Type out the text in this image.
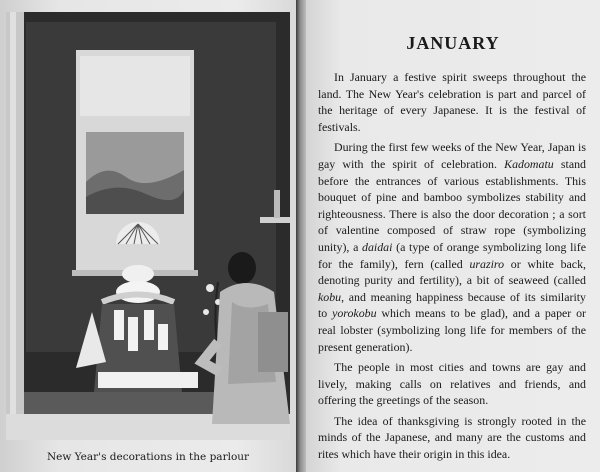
New Year's decorations in the parlour
JANUARY

In January a festive spirit sweeps throughout the land. The New Year's celebration is part and parcel of the heritage of every Japanese. It is the festival of festivals.

During the first few weeks of the New Year, Japan is gay with the spirit of celebration. Kadomatu stand before the entrances of various establishments. This bouquet of pine and bamboo symbolizes stability and righteousness. There is also the door decoration ; a sort of valentine composed of straw rope (symbolizing unity), a daidai (a type of orange symbolizing long life for the family), fern (called uraziro or white back, denoting purity and fertility), a bit of seaweed (called kobu, and meaning happiness because of its similarity to yorokobu which means to be glad), and a paper or real lobster (symbolizing long life for members of the present generation).

The people in most cities and towns are gay and lively, making calls on relatives and friends, and offering the greetings of the season.

The idea of thanksgiving is strongly rooted in the minds of the Japanese, and many are the customs and rites which have their origin in this idea.
